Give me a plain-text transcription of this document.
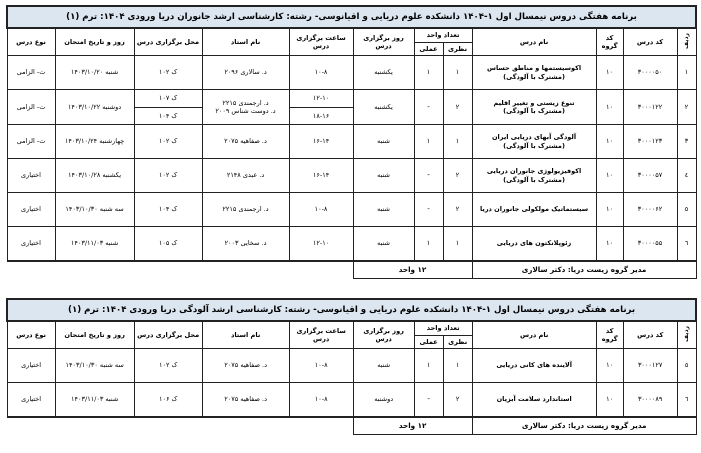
برنامه هفتگی دروس نیمسال اول ۱-۱۴۰۴ دانشکده علوم دریایی و اقیانوسی- رشته: کارشناسی ارشد جانوران دریا ورودی ۱۴۰۴: ترم (۱)											
ردیف	کد درس	کد گروه	نام درس	تعداد واحد		روز برگزاری درس	ساعت برگزاری درس	نام استاد	محل برگزاری درس	روز و تاریخ امتحان	نوع درس
				نظری	عملی						
۱	۳۰۰۰۰۵۰	۱۰	اکوسیستمها و مناطق حساس
(مشترک با آلودگی)	۱	۱	یکشنبه	۱۰-۸	د. سالاری ۲۰۹۶	ک ۱۰۲	شنبه ۱۴۰۳/۱۰/۲۰	ت- الزامی
۲	۳۰۰۰۱۲۲	۱۰	تنوع زیستی و تغییر اقلیم
(مشترک با آلودگی)	۲	-	یکشنبه	۱۲-۱۰	د. ارجمندی ۲۲۱۵
د. دوست شناس ۲۰۰۹	ک ۱۰۷	دوشنبه ۱۴۰۳/۱۰/۲۲	ت- الزامی
							۱۸-۱۶		ک ۱۰۴		
۳	۳۰۰۰۱۲۳	۱۰	آلودگی آبهای دریایی ایران
(مشترک با آلودگی)	۱	۱	شنبه	۱۶-۱۴	د. صفاهیه ۲۰۷۵	ک ۱۰۲	چهارشنبه ۱۴۰۳/۱۰/۲۴	ت- الزامی
٤	۳۰۰۰۰۵۷	۱۰	اکوفیزیولوژی جانوران دریایی
(مشترک با آلودگی)	۲	-	شنبه	۱۶-۱۴	د. عبدی ۲۱۴۸	ک ۱۰۲	یکشنبه ۱۴۰۳/۱۰/۲۸	اختیاری
٥	۳۰۰۰۰۶۲	۱۰	سیستماتیک مولکولی جانوران دریا	۲	-	شنبه	۱۰-۸	د. ارجمندی ۲۲۱۵	ک ۱۰۴	سه شنبه ۱۴۰۳/۱۰/۳۰	اختیاری
٦	۳۰۰۰۰۵۵	۱۰	زئوپلانکتون های دریایی	۱	۱	شنبه	۱۲-۱۰	د. سخایی ۲۰۰۳	ک ۱۰۵	شنبه ۱۴۰۳/۱۱/۰۳	اختیاری
مدیر گروه زیست دریا: دکتر سالاری				۱۲ واحد							
برنامه هفتگی دروس نیمسال اول ۱-۱۴۰۴ دانشکده علوم دریایی و اقیانوسی- رشته: کارشناسی ارشد آلودگی دریا ورودی ۱۴۰۴: ترم (۱)											
ردیف	کد درس	کد گروه	نام درس	تعداد واحد		روز برگزاری درس	ساعت برگزاری درس	نام استاد	محل برگزاری درس	روز و تاریخ امتحان	نوع درس
				نظری	عملی						
٥	۳۰۰۰۱۲۷	۱۰	آلاینده های کانی دریایی	۱	۱	شنبه	۱۰-۸	د. صفاهیه ۲۰۷۵	ک ۱۰۲	سه شنبه ۱۴۰۳/۱۰/۳۰	اختیاری
٦	۳۰۰۰۰۸۹	۱۰	استاندارد سلامت آبزیان	۲	-	دوشنبه	۱۰-۸	د. صفاهیه ۲۰۷۵	ک ۱۰۶	شنبه ۱۴۰۳/۱۱/۰۳	اختیاری
مدیر گروه زیست دریا: دکتر سالاری				۱۲ واحد							
